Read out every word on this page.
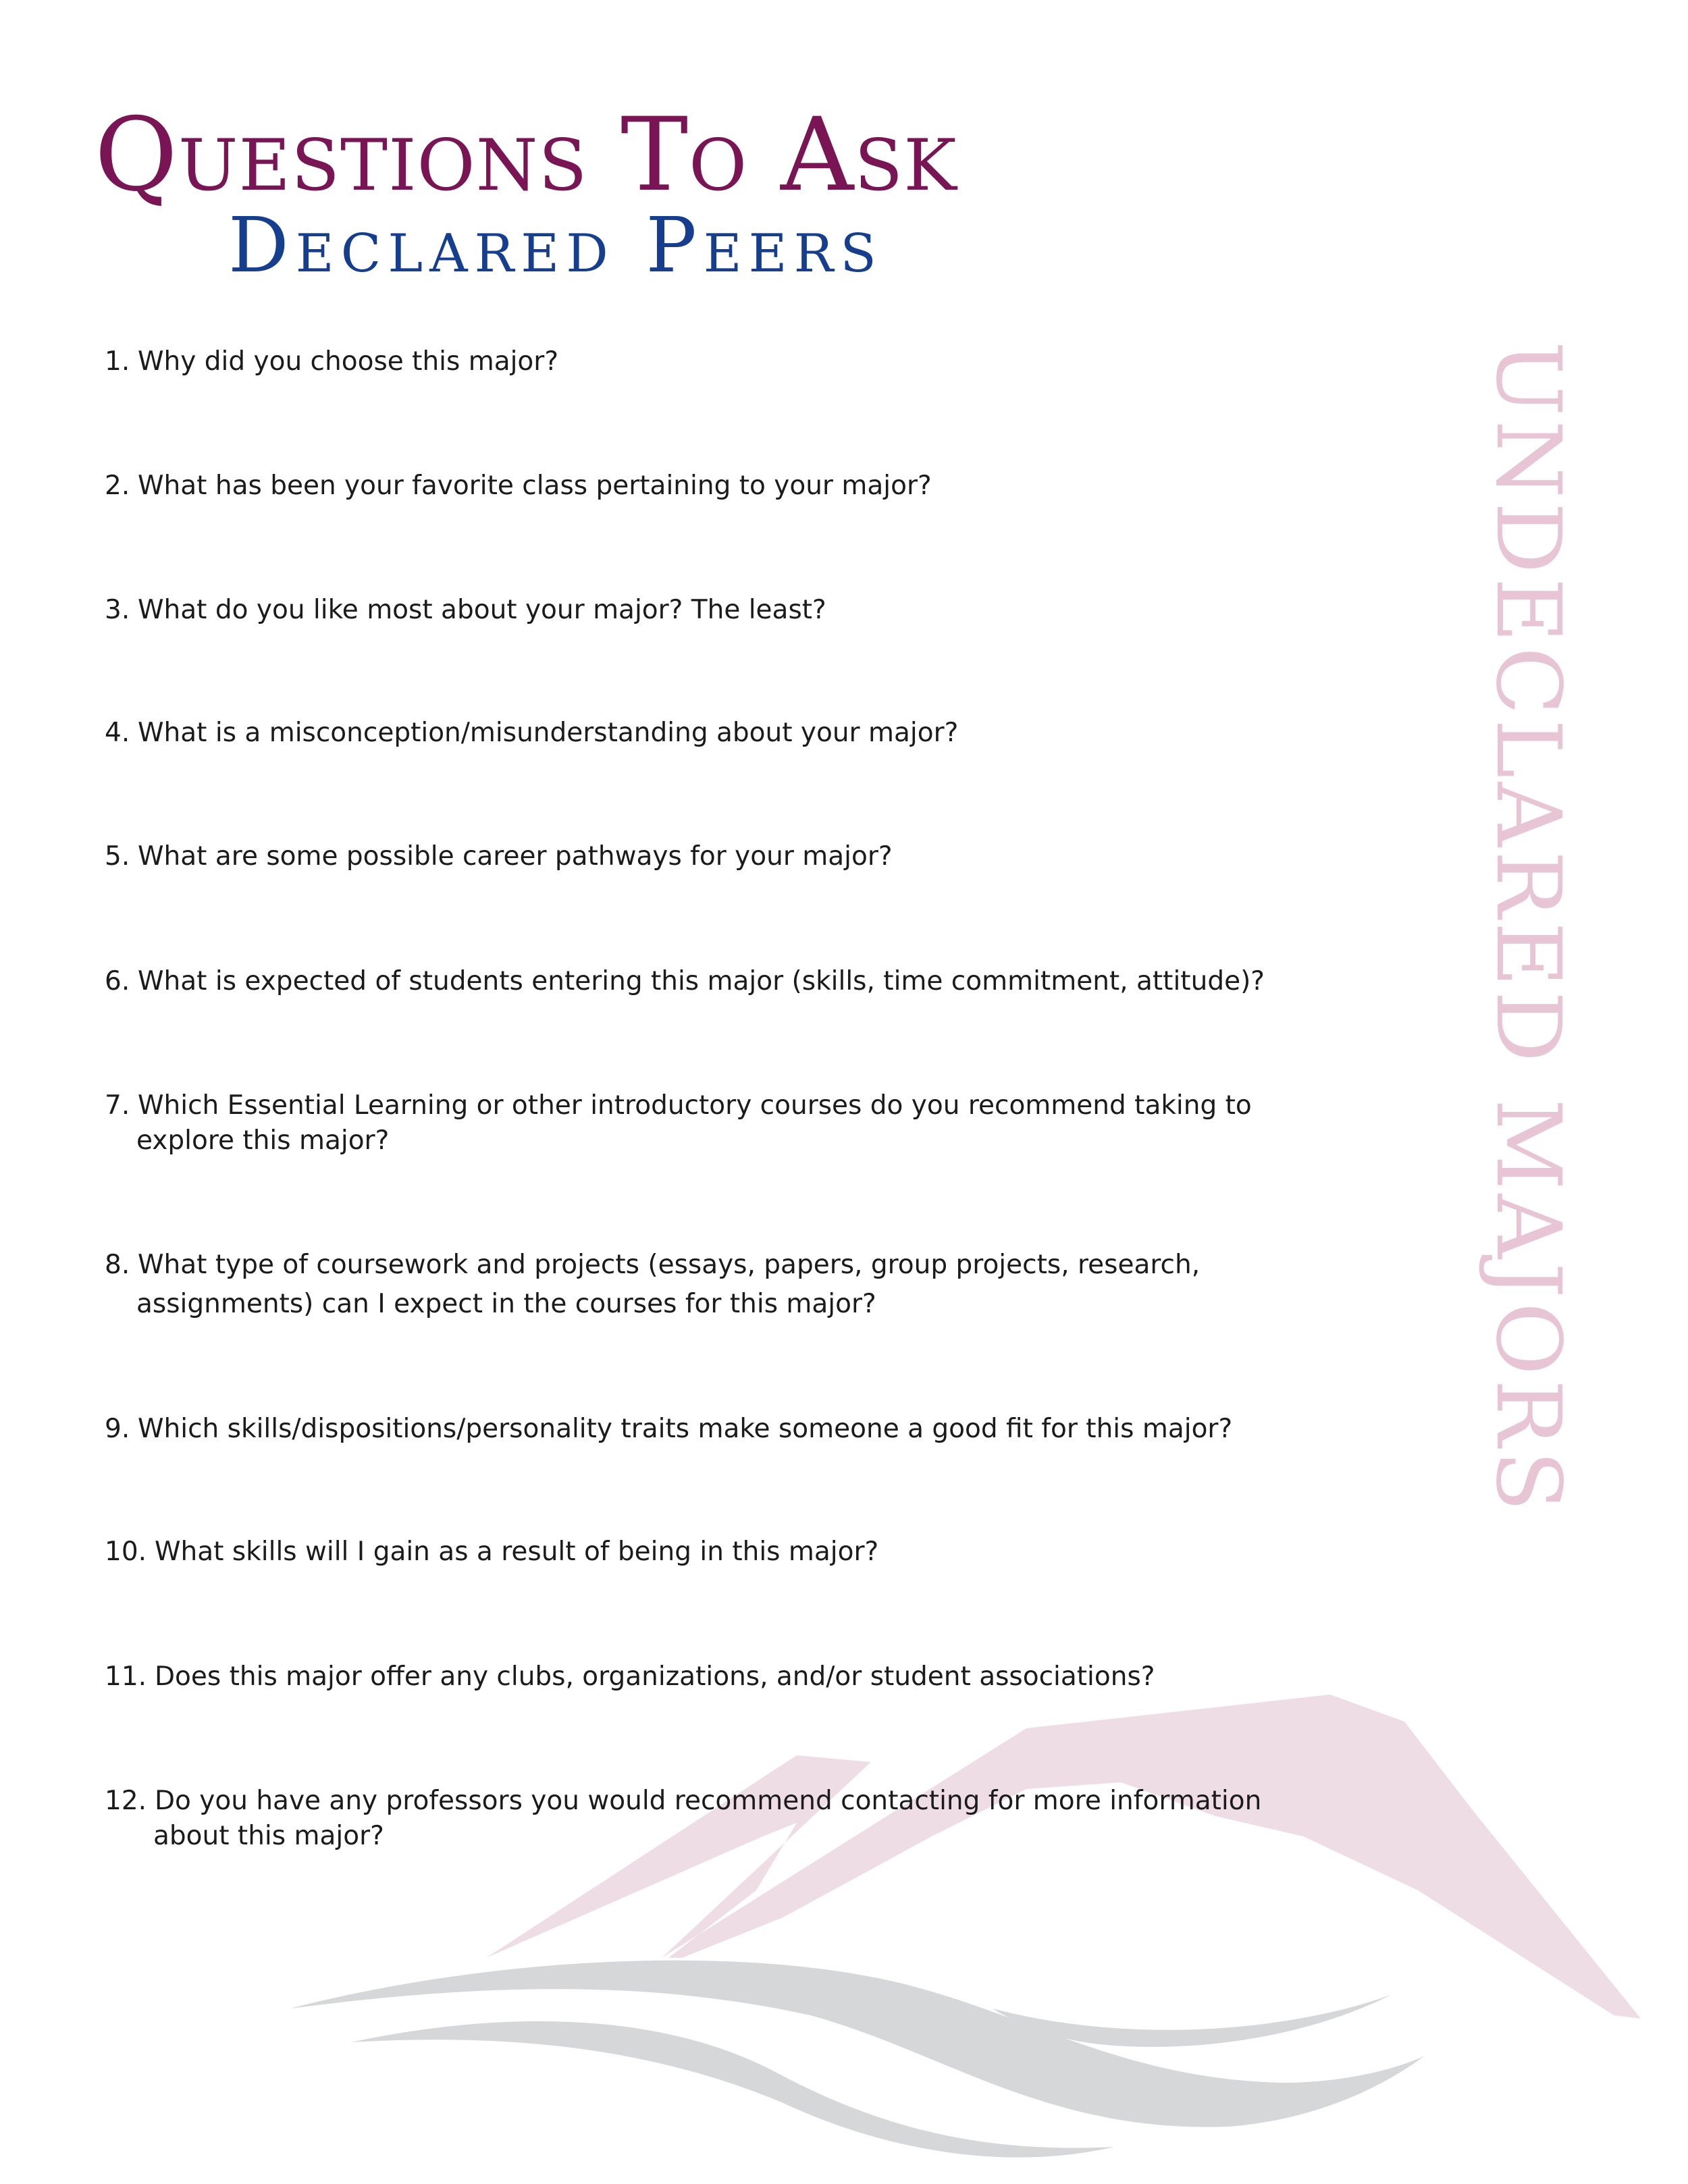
UNDECLARED MAJORS
Questions To Ask
Declared Peers
1. Why did you choose this major?
2. What has been your favorite class pertaining to your major?
3. What do you like most about your major? The least?
4. What is a misconception/misunderstanding about your major?
5. What are some possible career pathways for your major?
6. What is expected of students entering this major (skills, time commitment, attitude)?
7. Which Essential Learning or other introductory courses do you recommend taking to
explore this major?
8. What type of coursework and projects (essays, papers, group projects, research,
assignments) can I expect in the courses for this major?
9. Which skills/dispositions/personality traits make someone a good fit for this major?
10. What skills will I gain as a result of being in this major?
11. Does this major offer any clubs, organizations, and/or student associations?
12. Do you have any professors you would recommend contacting for more information
about this major?
